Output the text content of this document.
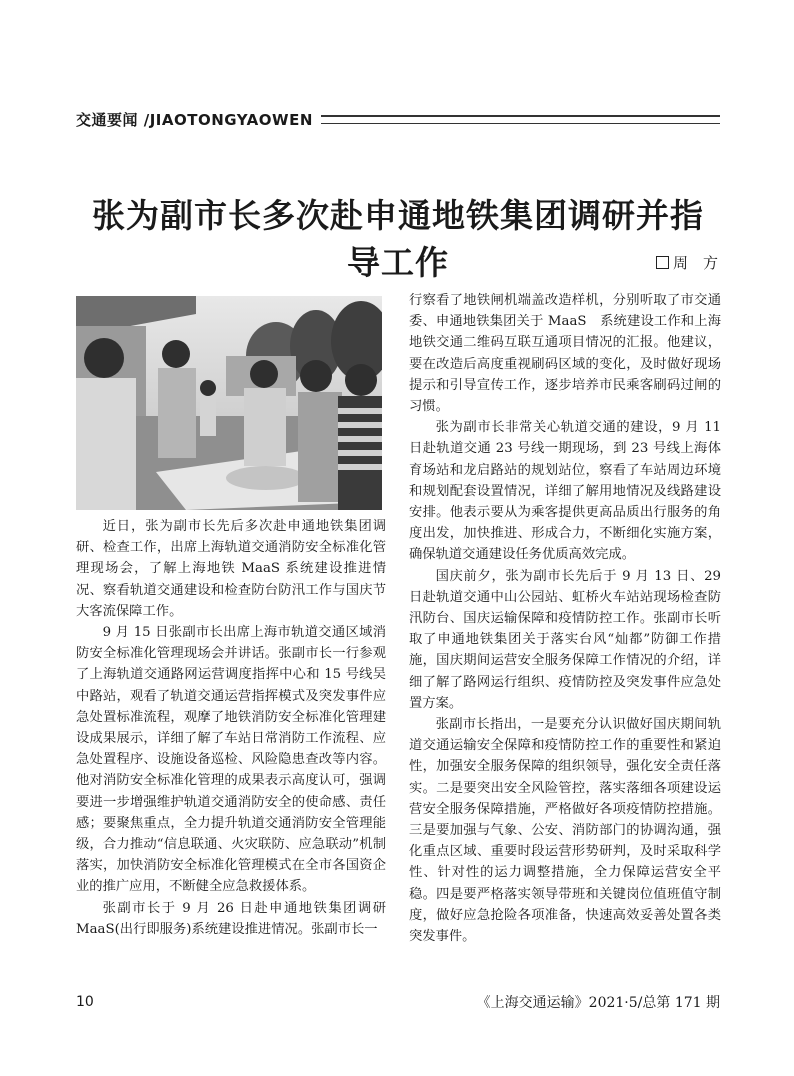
交通要闻 /JIAOTONGYAOWEN
张为副市长多次赴申通地铁集团调研并指导工作	周　方

近日，张为副市长先后多次赴申通地铁集团调研、检查工作，出席上海轨道交通消防安全标准化管理现场会，了解上海地铁 MaaS 系统建设推进情况、察看轨道交通建设和检查防台防汛工作与国庆节大客流保障工作。

9 月 15 日张副市长出席上海市轨道交通区域消防安全标准化管理现场会并讲话。张副市长一行参观了上海轨道交通路网运营调度指挥中心和 15 号线吴中路站，观看了轨道交通运营指挥模式及突发事件应急处置标准流程，观摩了地铁消防安全标准化管理建设成果展示，详细了解了车站日常消防工作流程、应急处置程序、设施设备巡检、风险隐患查改等内容。他对消防安全标准化管理的成果表示高度认可，强调要进一步增强维护轨道交通消防安全的使命感、责任感；要聚焦重点，全力提升轨道交通消防安全管理能级，合力推动“信息联通、火灾联防、应急联动”机制落实，加快消防安全标准化管理模式在全市各国资企业的推广应用，不断健全应急救援体系。

张副市长于 9 月 26 日赴申通地铁集团调研 MaaS(出行即服务)系统建设推进情况。张副市长一

行察看了地铁闸机端盖改造样机，分别听取了市交通委、申通地铁集团关于 MaaS　系统建设工作和上海地铁交通二维码互联互通项目情况的汇报。他建议，要在改造后高度重视刷码区域的变化，及时做好现场提示和引导宣传工作，逐步培养市民乘客刷码过闸的习惯。

张为副市长非常关心轨道交通的建设，9 月 11 日赴轨道交通 23 号线一期现场，到 23 号线上海体育场站和龙启路站的规划站位，察看了车站周边环境和规划配套设置情况，详细了解用地情况及线路建设安排。他表示要从为乘客提供更高品质出行服务的角度出发，加快推进、形成合力，不断细化实施方案，确保轨道交通建设任务优质高效完成。

国庆前夕，张为副市长先后于 9 月 13 日、29 日赴轨道交通中山公园站、虹桥火车站站现场检查防汛防台、国庆运输保障和疫情防控工作。张副市长听取了申通地铁集团关于落实台风“灿都”防御工作措施，国庆期间运营安全服务保障工作情况的介绍，详细了解了路网运行组织、疫情防控及突发事件应急处置方案。

张副市长指出，一是要充分认识做好国庆期间轨道交通运输安全保障和疫情防控工作的重要性和紧迫性，加强安全服务保障的组织领导，强化安全责任落实。二是要突出安全风险管控，落实落细各项建设运营安全服务保障措施，严格做好各项疫情防控措施。三是要加强与气象、公安、消防部门的协调沟通，强化重点区域、重要时段运营形势研判，及时采取科学性、针对性的运力调整措施，全力保障运营安全平稳。四是要严格落实领导带班和关键岗位值班值守制度，做好应急抢险各项准备，快速高效妥善处置各类突发事件。

10	《上海交通运输》2021·5/总第 171 期
